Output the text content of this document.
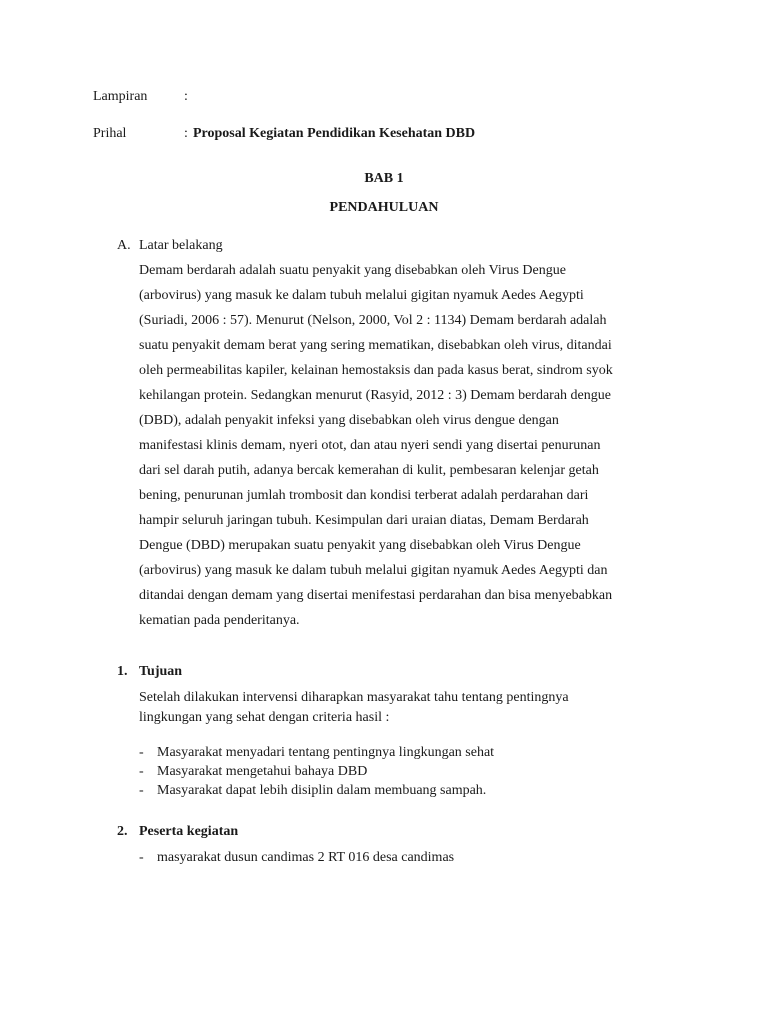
Lampiran	:
Prihal	: Proposal Kegiatan Pendidikan Kesehatan DBD
BAB 1
PENDAHULUAN
A. Latar belakang
Demam berdarah adalah suatu penyakit yang disebabkan oleh Virus Dengue
(arbovirus) yang masuk ke dalam tubuh melalui gigitan nyamuk Aedes Aegypti
(Suriadi, 2006 : 57). Menurut (Nelson, 2000, Vol 2 : 1134) Demam berdarah adalah
suatu penyakit demam berat yang sering mematikan, disebabkan oleh virus, ditandai
oleh permeabilitas kapiler, kelainan hemostaksis dan pada kasus berat, sindrom syok
kehilangan protein. Sedangkan menurut (Rasyid, 2012 : 3) Demam berdarah dengue
(DBD), adalah penyakit infeksi yang disebabkan oleh virus dengue dengan
manifestasi klinis demam, nyeri otot, dan atau nyeri sendi yang disertai penurunan
dari sel darah putih, adanya bercak kemerahan di kulit, pembesaran kelenjar getah
bening, penurunan jumlah trombosit dan kondisi terberat adalah perdarahan dari
hampir seluruh jaringan tubuh. Kesimpulan dari uraian diatas, Demam Berdarah
Dengue (DBD) merupakan suatu penyakit yang disebabkan oleh Virus Dengue
(arbovirus) yang masuk ke dalam tubuh melalui gigitan nyamuk Aedes Aegypti dan
ditandai dengan demam yang disertai menifestasi perdarahan dan bisa menyebabkan
kematian pada penderitanya.
1. Tujuan
Setelah dilakukan intervensi diharapkan masyarakat tahu tentang pentingnya
lingkungan yang sehat dengan criteria hasil :
- Masyarakat menyadari tentang pentingnya lingkungan sehat
- Masyarakat mengetahui bahaya DBD
- Masyarakat dapat lebih disiplin dalam membuang sampah.
2. Peserta kegiatan
- masyarakat dusun candimas 2 RT 016 desa candimas
